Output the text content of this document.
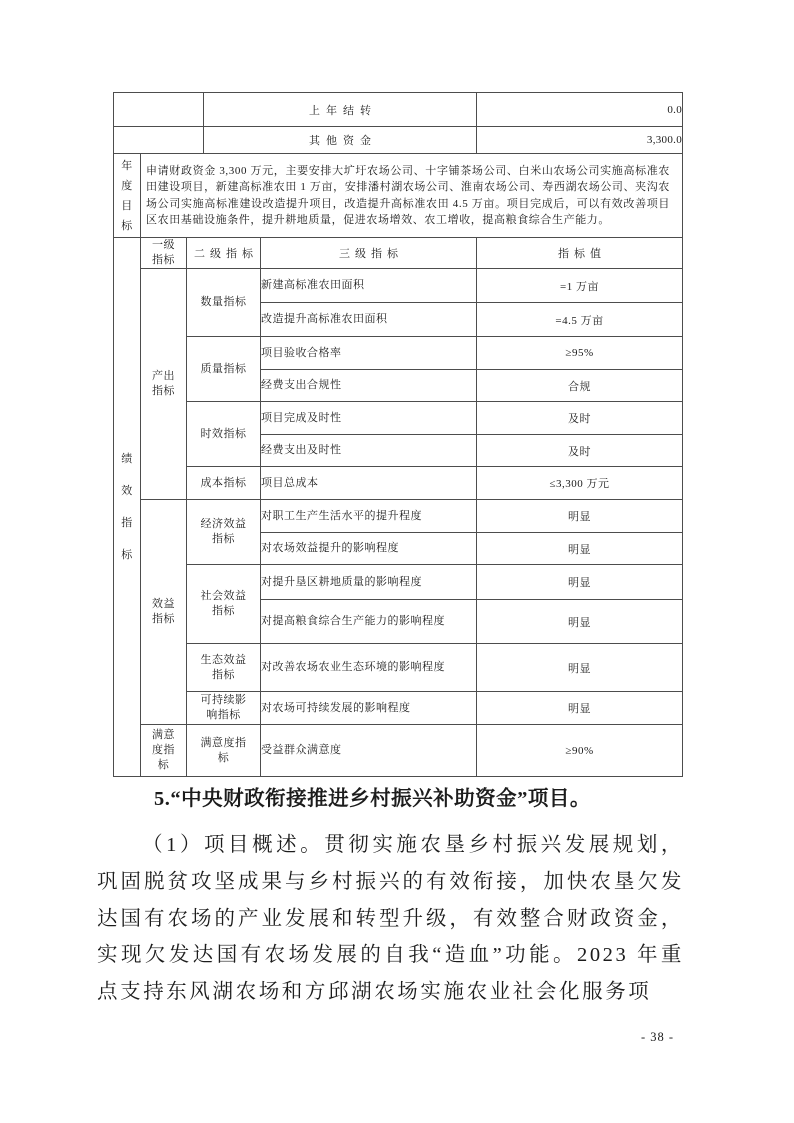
			上年结转		0.0
			其他资金		3,300.0

年度目标	申请财政资金 3,300 万元，主要安排大圹圩农场公司、十字铺茶场公司、白米山农场公司实施高标准农田建设项目，新建高标准农田 1 万亩，安排潘村湖农场公司、淮南农场公司、寿西湖农场公司、夹沟农场公司实施高标准建设改造提升项目，改造提升高标准农田 4.5 万亩。项目完成后，可以有效改善项目区农田基础设施条件，提升耕地质量，促进农场增效、农工增收，提高粮食综合生产能力。				

绩效指标	一级指标	二级指标		三级指标	指标值

	产出指标	数量指标		新建高标准农田面积	=1 万亩
				改造提升高标准农田面积	=4.5 万亩

		质量指标		项目验收合格率	≥95%
				经费支出合规性	合规

		时效指标		项目完成及时性	及时
				经费支出及时性	及时

		成本指标		项目总成本	≤3,300 万元

	效益指标	经济效益指标		对职工生产生活水平的提升程度	明显
				对农场效益提升的影响程度	明显

		社会效益指标		对提升垦区耕地质量的影响程度	明显
				对提高粮食综合生产能力的影响程度	明显

		生态效益指标		对改善农场农业生态环境的影响程度	明显

		可持续影响指标		对农场可持续发展的影响程度	明显

	满意度指标	满意度指标		受益群众满意度	≥90%
5.“中央财政衔接推进乡村振兴补助资金”项目。
（1）项目概述。贯彻实施农垦乡村振兴发展规划，巩固脱贫攻坚成果与乡村振兴的有效衔接，加快农垦欠发达国有农场的产业发展和转型升级，有效整合财政资金，实现欠发达国有农场发展的自我“造血”功能。2023 年重点支持东风湖农场和方邱湖农场实施农业社会化服务项
- 38 -
